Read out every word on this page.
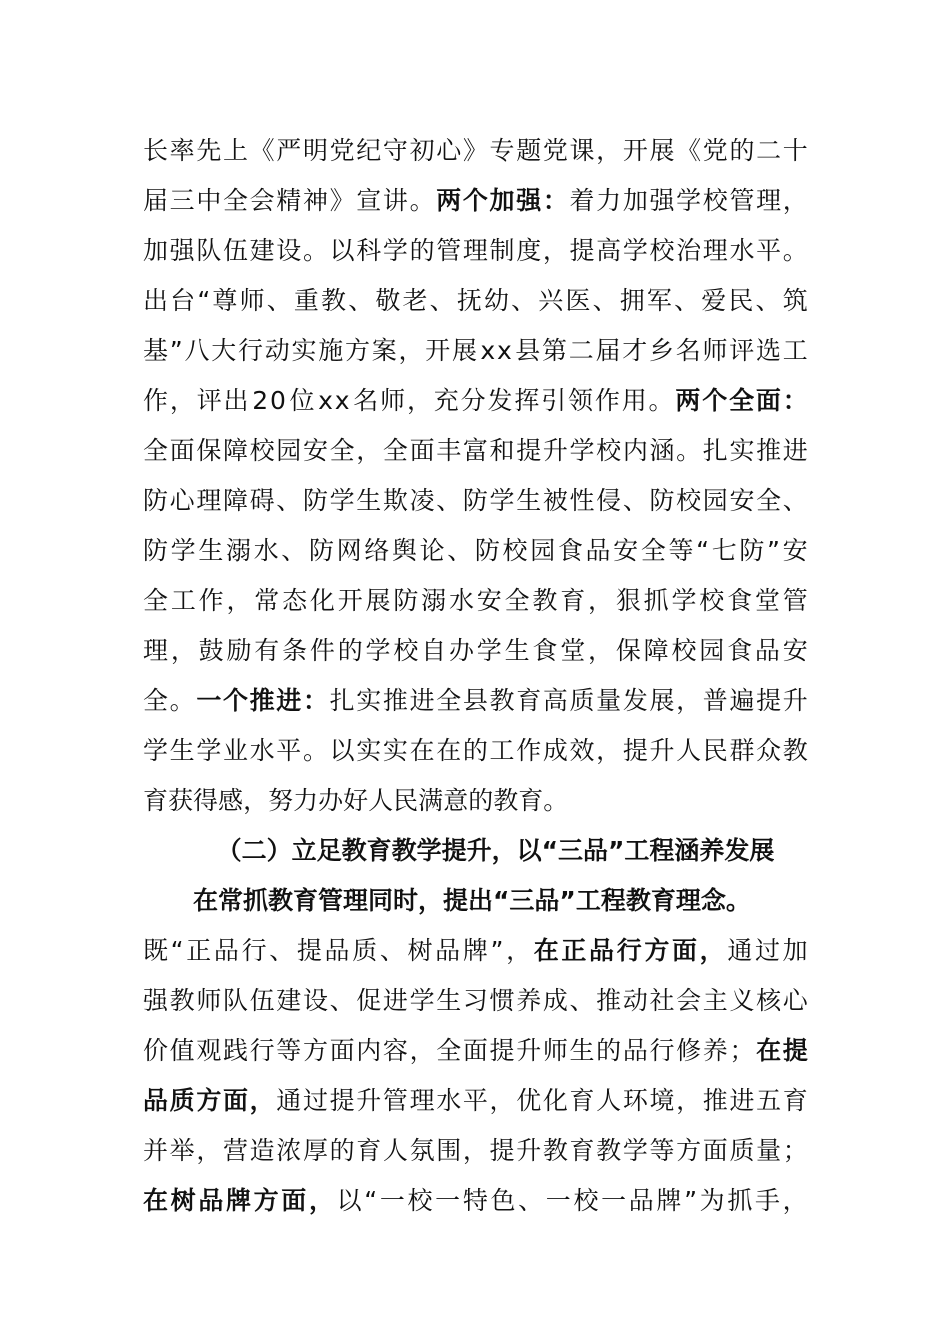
长 率 先 上 《 严 明 党 纪 守 初 心 》 专 题 党 课 ， 开 展 《 党 的 二 十
届 三 中 全 会 精 神 》 宣 讲 。 两 个 加 强 ： 着 力 加 强 学 校 管 理 ，
加 强 队 伍 建 设 。 以 科 学 的 管 理 制 度 ， 提 高 学 校 治 理 水 平 。
出 台 “ 尊 师 、 重 教 、 敬 老 、 抚 幼 、 兴 医 、 拥 军 、 爱 民 、 筑
基 ” 八 大 行 动 实 施 方 案 ， 开 展 x x 县 第 二 届 才 乡 名 师 评 选 工
作 ， 评 出 2 0 位 x x 名 师 ， 充 分 发 挥 引 领 作 用 。 两 个 全 面 ：
全 面 保 障 校 园 安 全 ， 全 面 丰 富 和 提 升 学 校 内 涵 。 扎 实 推 进
防 心 理 障 碍 、 防 学 生 欺 凌 、 防 学 生 被 性 侵 、 防 校 园 安 全 、
防 学 生 溺 水 、 防 网 络 舆 论 、 防 校 园 食 品 安 全 等 “ 七 防 ” 安
全 工 作 ， 常 态 化 开 展 防 溺 水 安 全 教 育 ， 狠 抓 学 校 食 堂 管
理 ， 鼓 励 有 条 件 的 学 校 自 办 学 生 食 堂 ， 保 障 校 园 食 品 安
全 。 一 个 推 进 ： 扎 实 推 进 全 县 教 育 高 质 量 发 展 ， 普 遍 提 升
学 生 学 业 水 平 。 以 实 实 在 在 的 工 作 成 效 ， 提 升 人 民 群 众 教
育 获 得 感 ， 努 力 办 好 人 民 满 意 的 教 育 。
（二）立足教育教学提升，以“三品”工程涵养发展
在常抓教育管理同时，提出“三品”工程教育理念。
既 “ 正 品 行 、 提 品 质 、 树 品 牌 ” ， 在 正 品 行 方 面 ， 通 过 加
强 教 师 队 伍 建 设 、 促 进 学 生 习 惯 养 成 、 推 动 社 会 主 义 核 心
价 值 观 践 行 等 方 面 内 容 ， 全 面 提 升 师 生 的 品 行 修 养 ； 在 提
品 质 方 面 ， 通 过 提 升 管 理 水 平 ， 优 化 育 人 环 境 ， 推 进 五 育
并 举 ， 营 造 浓 厚 的 育 人 氛 围 ， 提 升 教 育 教 学 等 方 面 质 量 ；
在 树 品 牌 方 面 ， 以 “ 一 校 一 特 色 、 一 校 一 品 牌 ” 为 抓 手 ，
